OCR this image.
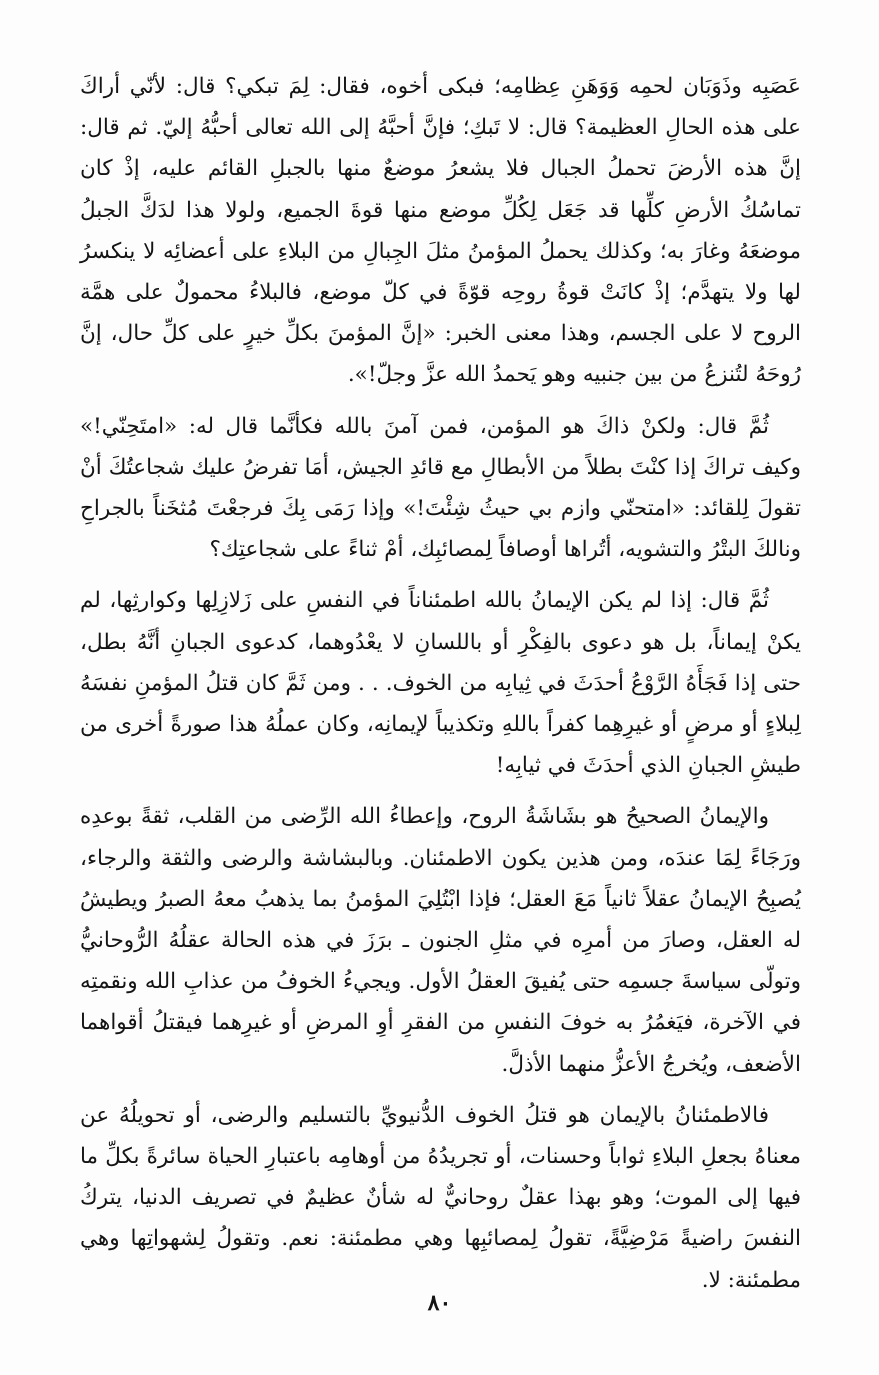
عَصَبِه وذَوَبَان لحمِه وَوَهَنِ عِظامِه؛ فبكى أخوه، فقال: لِمَ تبكي؟ قال: لأنّي أراكَ على هذه الحالِ العظيمة؟ قال: لا تَبكِ؛ فإنَّ أحبَّهُ إلى الله تعالى أحبُّهُ إليّ. ثم قال: إنَّ هذه الأرضَ تحملُ الجبال فلا يشعرُ موضعٌ منها بالجبلِ القائم عليه، إذْ كان تماسُكُ الأرضِ كلِّها قد جَعَل لِكُلِّ موضع منها قوةَ الجميع، ولولا هذا لدَكَّ الجبلُ موضعَهُ وغارَ به؛ وكذلك يحملُ المؤمنُ مثلَ الجِبالِ من البلاءِ على أعضائِه لا ينكسرُ لها ولا يتهدَّم؛ إذْ كانَتْ قوةُ روحِه قوّةً في كلّ موضع، فالبلاءُ محمولٌ على همَّة الروح لا على الجسم، وهذا معنى الخبر: «إنَّ المؤمنَ بكلِّ خيرٍ على كلِّ حال، إنَّ رُوحَهُ لتُنزعُ من بين جنبيه وهو يَحمدُ الله عزَّ وجلّ!».

ثُمَّ قال: ولكنْ ذاكَ هو المؤمن، فمن آمنَ بالله فكأنَّما قال له: «امتَحِنّي!» وكيف تراكَ إذا كنْتَ بطلاً من الأبطالِ مع قائدِ الجيش، أمَا تفرضُ عليك شجاعتُكَ أنْ تقولَ لِلقائد: «امتحنّي وازم بي حيثُ شِئْتَ!» وإذا رَمَى بِكَ فرجعْتَ مُثخَناً بالجراحِ ونالكَ البتْرُ والتشويه، أتُراها أوصافاً لِمصائبِك، أمْ ثناءً على شجاعتِك؟

ثُمَّ قال: إذا لم يكن الإيمانُ بالله اطمئناناً في النفسِ على زَلازِلِها وكوارثِها، لم يكنْ إيماناً، بل هو دعوى بالفِكْرِ أو باللسانِ لا يعْدُوهما، كدعوى الجبانِ أنَّهُ بطل، حتى إذا فَجَأَهُ الرَّوْعُ أحدَثَ في ثِيابِه من الخوف. . . ومن ثَمَّ كان قتلُ المؤمنِ نفسَهُ لِبلاءٍ أو مرضٍ أو غيرِهِما كفراً باللهِ وتكذيباً لإيمانِه، وكان عملُهُ هذا صورةً أخرى من طيشِ الجبانِ الذي أحدَثَ في ثيابِه!

والإيمانُ الصحيحُ هو بشَاشَةُ الروح، وإعطاءُ الله الرِّضى من القلب، ثقةً بوعدِه ورَجَاءً لِمَا عندَه، ومن هذين يكون الاطمئنان. وبالبشاشة والرضى والثقة والرجاء، يُصبِحُ الإيمانُ عقلاً ثانياً مَعَ العقل؛ فإذا ابْتُلِيَ المؤمنُ بما يذهبُ معهُ الصبرُ ويطيشُ له العقل، وصارَ من أمرِه في مثلِ الجنون ـ برَزَ في هذه الحالة عقلُهُ الرُّوحانيُّ وتولّى سياسةَ جسمِه حتى يُفيقَ العقلُ الأول. ويجيءُ الخوفُ من عذابِ الله ونقمتِه في الآخرة، فيَغمُرُ به خوفَ النفسِ من الفقرِ أوِ المرضِ أو غيرِهما فيقتلُ أقواهما الأضعف، ويُخرجُ الأعزُّ منهما الأذلَّ.

فالاطمئنانُ بالإيمان هو قتلُ الخوف الدُّنيويِّ بالتسليم والرضى، أو تحويلُهُ عن معناهُ بجعلِ البلاءِ ثواباً وحسنات، أو تجريدُهُ من أوهامِه باعتبارِ الحياة سائرةً بكلِّ ما فيها إلى الموت؛ وهو بهذا عقلٌ روحانيٌّ له شأنٌ عظيمٌ في تصريف الدنيا، يتركُ النفسَ راضيةً مَرْضِيَّةً، تقولُ لِمصائبِها وهي مطمئنة: نعم. وتقولُ لِشهواتِها وهي مطمئنة: لا.

٨٠
